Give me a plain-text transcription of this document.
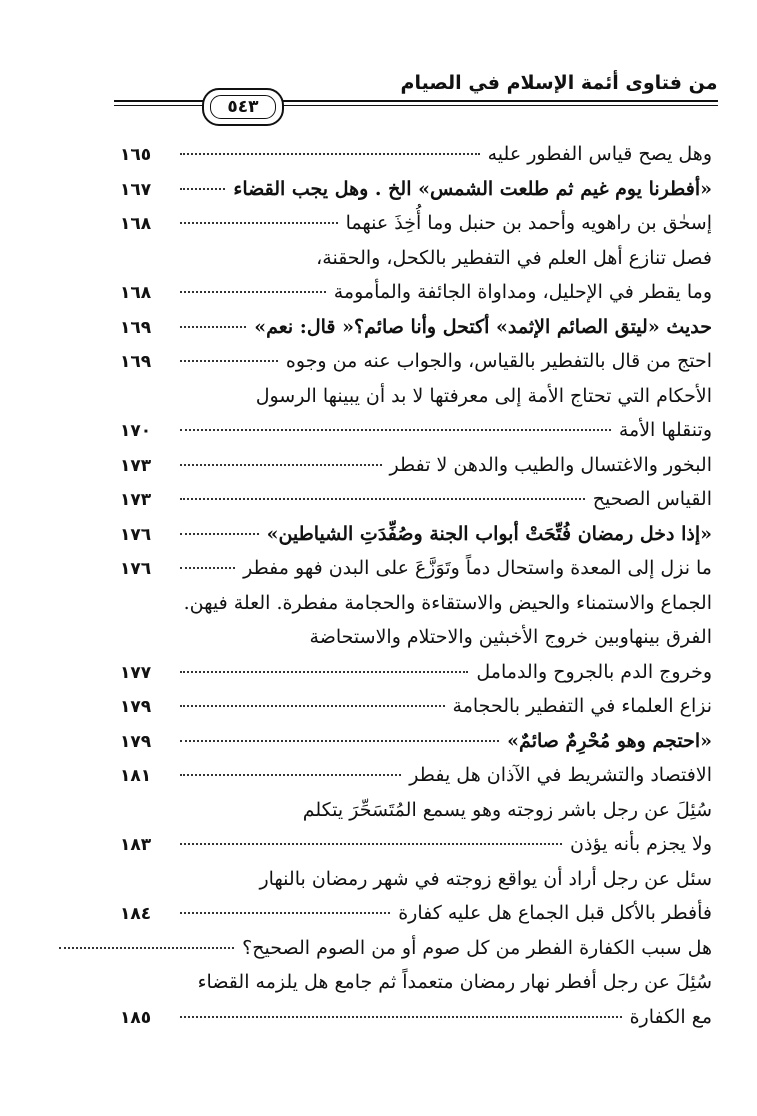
من فتاوى أئمة الإسلام في الصيام
٥٤٣
وهل يصح قياس الفطور عليه
١٦٥
«أفطرنا يوم غيم ثم طلعت الشمس» الخ . وهل يجب القضاء
١٦٧
إسحٰق بن راهويه وأحمد بن حنبل وما أُخِذَ عنهما
١٦٨
فصل تنازع أهل العلم في التفطير بالكحل، والحقنة،
وما يقطر في الإحليل، ومداواة الجائفة والمأمومة
١٦٨
حديث «ليتق الصائم الإثمد» أكتحل وأنا صائم؟« قال: نعم»
١٦٩
احتج من قال بالتفطير بالقياس، والجواب عنه من وجوه
١٦٩
الأحكام التي تحتاج الأمة إلى معرفتها لا بد أن يبينها الرسول
وتنقلها الأمة
١٧٠
البخور والاغتسال والطيب والدهن لا تفطر
١٧٣
القياس الصحيح
١٧٣
«إذا دخل رمضان فُتِّحَتْ أبواب الجنة وصُفِّدَتِ الشياطين»
١٧٦
ما نزل إلى المعدة واستحال دماً وتَوَزَّعَ على البدن فهو مفطر
١٧٦
الجماع والاستمناء والحيض والاستقاءة والحجامة مفطرة. العلة فيهن.
الفرق بينهاوبين خروج الأخبثين والاحتلام والاستحاضة
وخروج الدم بالجروح والدمامل
١٧٧
نزاع العلماء في التفطير بالحجامة
١٧٩
«احتجم وهو مُحْرِمٌ صائمٌ»
١٧٩
الافتصاد والتشريط في الآذان هل يفطر
١٨١
سُئِلَ عن رجل باشر زوجته وهو يسمع المُتَسَحِّرَ يتكلم
ولا يجزم بأنه يؤذن
١٨٣
سئل عن رجل أراد أن يواقع زوجته في شهر رمضان بالنهار
فأفطر بالأكل قبل الجماع هل عليه كفارة
١٨٤
هل سبب الكفارة الفطر من كل صوم أو من الصوم الصحيح؟
سُئِلَ عن رجل أفطر نهار رمضان متعمداً ثم جامع هل يلزمه القضاء
مع الكفارة
١٨٥
